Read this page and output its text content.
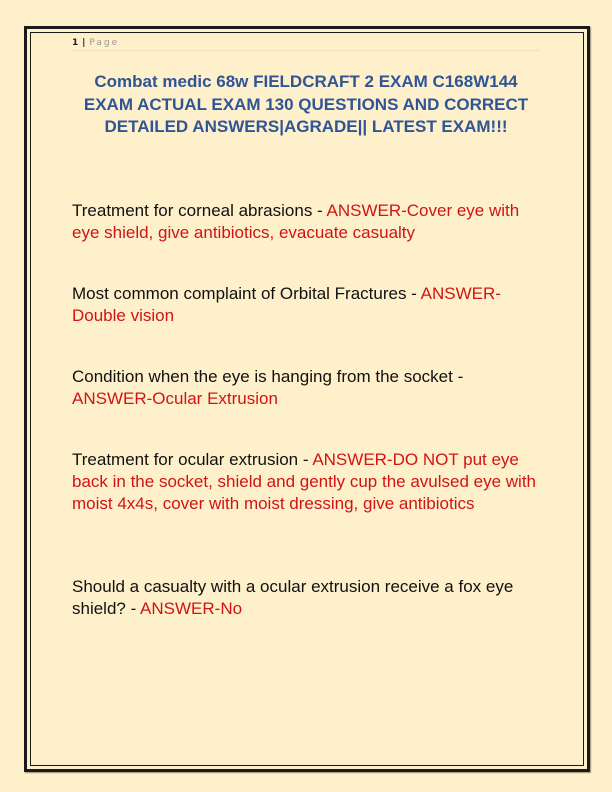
1 | Page
Combat medic 68w FIELDCRAFT 2 EXAM C168W144 EXAM ACTUAL EXAM 130 QUESTIONS AND CORRECT DETAILED ANSWERS|AGRADE|| LATEST EXAM!!!
Treatment for corneal abrasions - ANSWER-Cover eye with eye shield, give antibiotics, evacuate casualty
Most common complaint of Orbital Fractures - ANSWER-Double vision
Condition when the eye is hanging from the socket - ANSWER-Ocular Extrusion
Treatment for ocular extrusion - ANSWER-DO NOT put eye back in the socket, shield and gently cup the avulsed eye with moist 4x4s, cover with moist dressing, give antibiotics
Should a casualty with a ocular extrusion receive a fox eye shield? - ANSWER-No
